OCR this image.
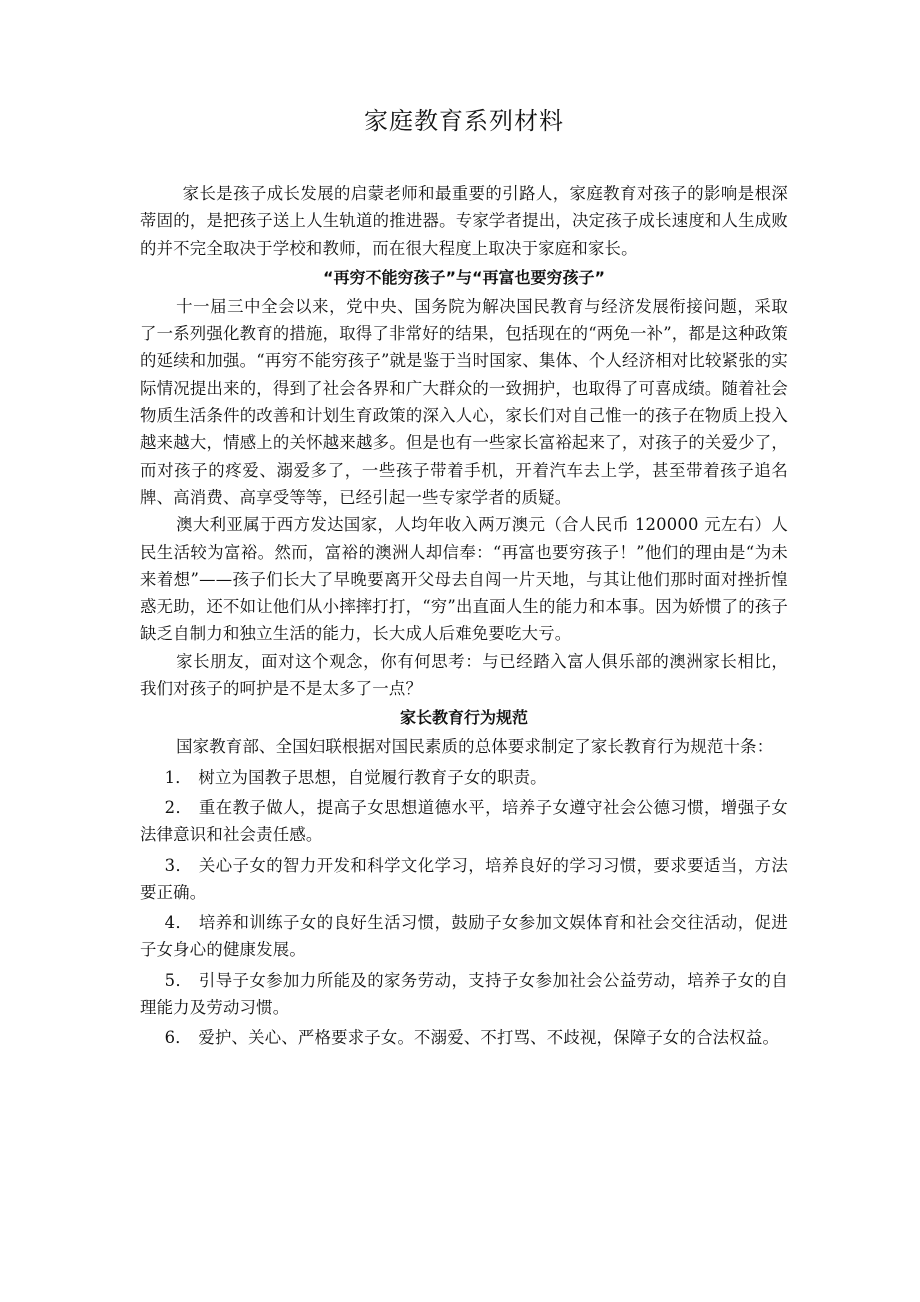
家庭教育系列材料

家长是孩子成长发展的启蒙老师和最重要的引路人，家庭教育对孩子的影响是根深蒂固的，是把孩子送上人生轨道的推进器。专家学者提出，决定孩子成长速度和人生成败的并不完全取决于学校和教师，而在很大程度上取决于家庭和家长。

“再穷不能穷孩子”与“再富也要穷孩子”

十一届三中全会以来，党中央、国务院为解决国民教育与经济发展衔接问题，采取了一系列强化教育的措施，取得了非常好的结果，包括现在的“两免一补”，都是这种政策的延续和加强。“再穷不能穷孩子”就是鉴于当时国家、集体、个人经济相对比较紧张的实际情况提出来的，得到了社会各界和广大群众的一致拥护，也取得了可喜成绩。随着社会物质生活条件的改善和计划生育政策的深入人心，家长们对自己惟一的孩子在物质上投入越来越大，情感上的关怀越来越多。但是也有一些家长富裕起来了，对孩子的关爱少了，而对孩子的疼爱、溺爱多了，一些孩子带着手机，开着汽车去上学，甚至带着孩子追名牌、高消费、高享受等等，已经引起一些专家学者的质疑。

澳大利亚属于西方发达国家，人均年收入两万澳元（合人民币 120000 元左右）人民生活较为富裕。然而，富裕的澳洲人却信奉：“再富也要穷孩子！”他们的理由是“为未来着想”——孩子们长大了早晚要离开父母去自闯一片天地，与其让他们那时面对挫折惶惑无助，还不如让他们从小摔摔打打，“穷”出直面人生的能力和本事。因为娇惯了的孩子缺乏自制力和独立生活的能力，长大成人后难免要吃大亏。

家长朋友，面对这个观念，你有何思考：与已经踏入富人俱乐部的澳洲家长相比，我们对孩子的呵护是不是太多了一点？

家长教育行为规范

国家教育部、全国妇联根据对国民素质的总体要求制定了家长教育行为规范十条：

1． 树立为国教子思想，自觉履行教育子女的职责。

2． 重在教子做人，提高子女思想道德水平，培养子女遵守社会公德习惯，增强子女法律意识和社会责任感。

3． 关心子女的智力开发和科学文化学习，培养良好的学习习惯，要求要适当，方法要正确。

4． 培养和训练子女的良好生活习惯，鼓励子女参加文娱体育和社会交往活动，促进子女身心的健康发展。

5． 引导子女参加力所能及的家务劳动，支持子女参加社会公益劳动，培养子女的自理能力及劳动习惯。

6． 爱护、关心、严格要求子女。不溺爱、不打骂、不歧视，保障子女的合法权益。
